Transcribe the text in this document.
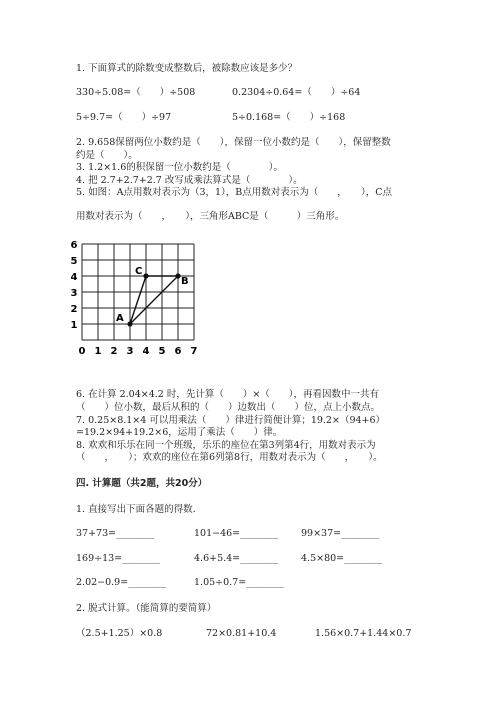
1. 下面算式的除数变成整数后，被除数应该是多少？
330÷5.08=（　　）÷508	0.2304÷0.64=（　　）÷64
5÷9.7=（　　）÷97	5÷0.168=（　　）÷168
2. 9.658保留两位小数约是（　　），保留一位小数约是（　　），保留整数
约是（　　）。
3. 1.2×1.6的积保留一位小数约是（　　　　）。
4. 把 2.7+2.7+2.7 改写成乘法算式是（　　　　）。
5. 如图：A点用数对表示为（3，1），B点用数对表示为（　　，　　），C点
用数对表示为（　　，　　），三角形ABC是（　　　）三角形。
0 1 2 3 4 5 6 7
1
2
3
4
5
6
A
B
C
6. 在计算 2.04×4.2 时，先计算（　　）×（　　），再看因数中一共有
（　　）位小数，最后从积的（　　）边数出（　　）位，点上小数点。
7. 0.25×8.1×4 可以用乘法（　　）律进行简便计算；19.2×（94+6）
=19.2×94+19.2×6，运用了乘法（　　）律。
8. 欢欢和乐乐在同一个班级，乐乐的座位在第3列第4行，用数对表示为
（　　，　　）；欢欢的座位在第6列第8行，用数对表示为（　　，　　）。
四. 计算题（共2题，共20分）
1. 直接写出下面各题的得数.
37+73=________	101−46=________ 99×37=________
169÷13=________	4.6+5.4=________ 4.5×80=________
2.02−0.9=________	1.05÷0.7=________
2. 脱式计算。（能简算的要简算）
（2.5+1.25）×0.8	72×0.81+10.4	1.56×0.7+1.44×0.7
